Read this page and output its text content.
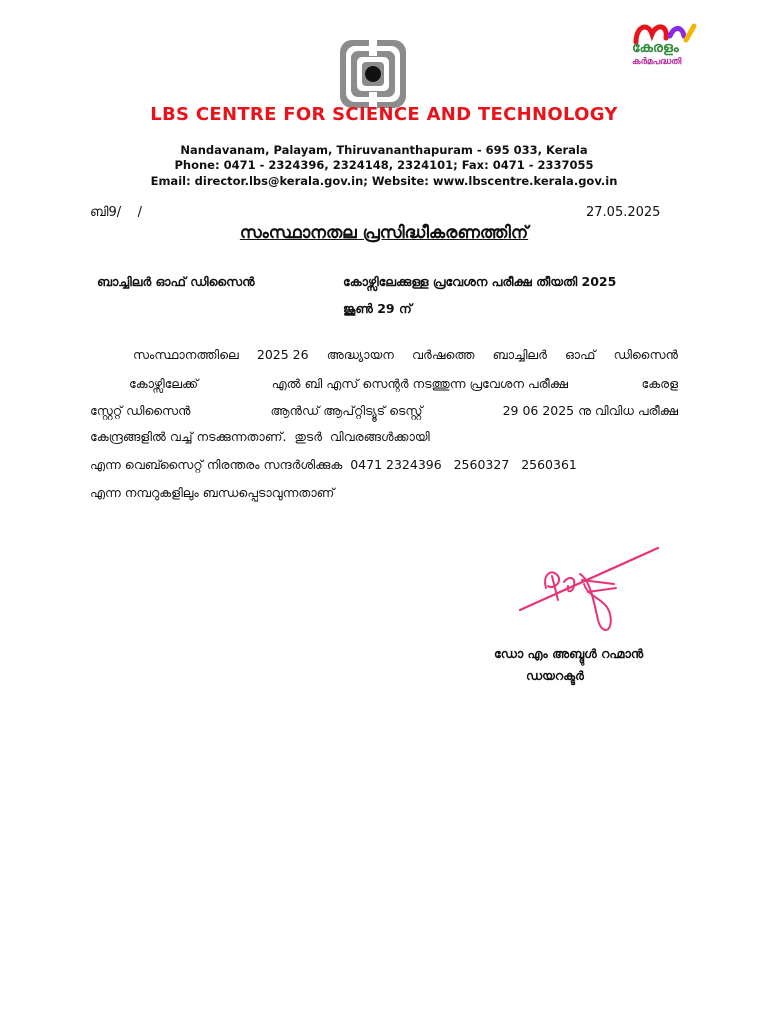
കേരളം
കർമപദ്ധതി
LBS CENTRE FOR SCIENCE AND TECHNOLOGY
Nandavanam, Palayam, Thiruvananthapuram - 695 033, Kerala
Phone: 0471 - 2324396, 2324148, 2324101; Fax: 0471 - 2337055
Email: director.lbs@kerala.gov.in; Website: www.lbscentre.kerala.gov.in
ബി9/    /	27.05.2025
സംസ്ഥാനതല പ്രസിദ്ധീകരണത്തിന്
ബാച്ചിലർ ഓഫ് ഡിസൈൻ	കോഴ്സിലേക്കുള്ള പ്രവേശന പരീക്ഷ തീയതി 2025
ജൂൺ 29 ന്
സംസ്ഥാനത്തിലെ 2025 26 അദ്ധ്യായന വർഷത്തെ ബാച്ചിലർ ഓഫ് ഡിസൈൻ
കോഴ്സിലേക്ക്	എൽ ബി എസ് സെന്റർ നടത്തുന്ന പ്രവേശന പരീക്ഷ	കേരള
സ്റ്റേറ്റ് ഡിസൈൻ	ആൻഡ് ആപ്റ്റിട്യൂട് ടെസ്റ്റ്	29 06 2025 നു വിവിധ പരീക്ഷ
കേന്ദ്രങ്ങളിൽ വച്ച് നടക്കുന്നതാണ്.  തുടർ  വിവരങ്ങൾക്കായി
എന്ന വെബ്സൈറ്റ് നിരന്തരം സന്ദർശിക്കുക  0471 2324396   2560327   2560361
എന്ന നമ്പറുകളിലും ബന്ധപ്പെടാവുന്നതാണ്
ഡോ എം അബ്ദുൾ റഹ്മാൻ
ഡയറക്ടർ
